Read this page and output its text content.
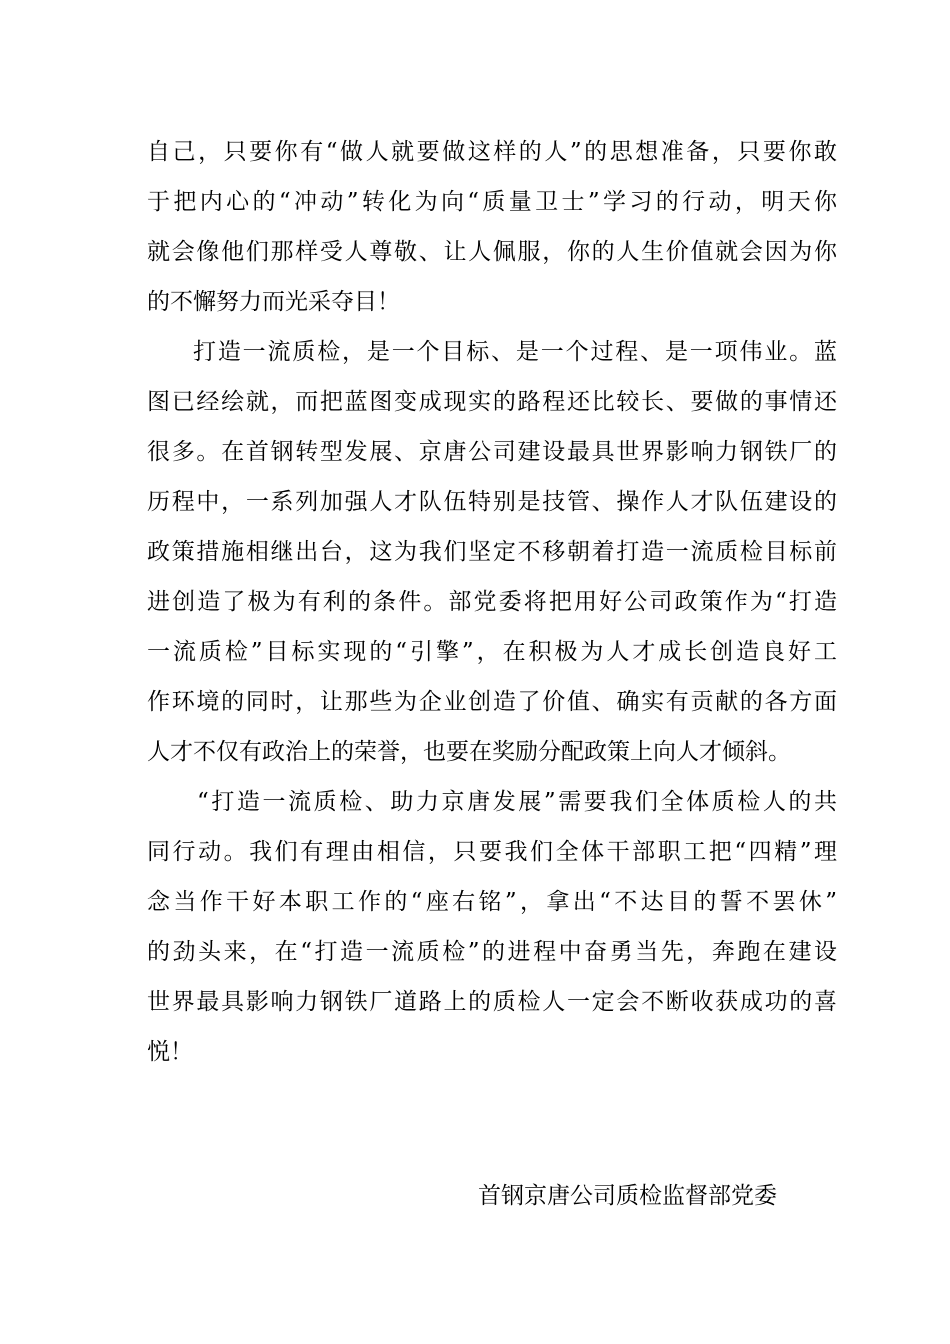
自己，只要你有“做人就要做这样的人”的思想准备，只要你敢
于把内心的“冲动”转化为向“质量卫士”学习的行动，明天你
就会像他们那样受人尊敬、让人佩服，你的人生价值就会因为你
的不懈努力而光采夺目！
打造一流质检，是一个目标、是一个过程、是一项伟业。蓝
图已经绘就，而把蓝图变成现实的路程还比较长、要做的事情还
很多。在首钢转型发展、京唐公司建设最具世界影响力钢铁厂的
历程中，一系列加强人才队伍特别是技管、操作人才队伍建设的
政策措施相继出台，这为我们坚定不移朝着打造一流质检目标前
进创造了极为有利的条件。部党委将把用好公司政策作为“打造
一流质检”目标实现的“引擎”，在积极为人才成长创造良好工
作环境的同时，让那些为企业创造了价值、确实有贡献的各方面
人才不仅有政治上的荣誉，也要在奖励分配政策上向人才倾斜。
“打造一流质检、助力京唐发展”需要我们全体质检人的共
同行动。我们有理由相信，只要我们全体干部职工把“四精”理
念当作干好本职工作的“座右铭”，拿出“不达目的誓不罢休”
的劲头来，在“打造一流质检”的进程中奋勇当先，奔跑在建设
世界最具影响力钢铁厂道路上的质检人一定会不断收获成功的喜
悦！
首钢京唐公司质检监督部党委
